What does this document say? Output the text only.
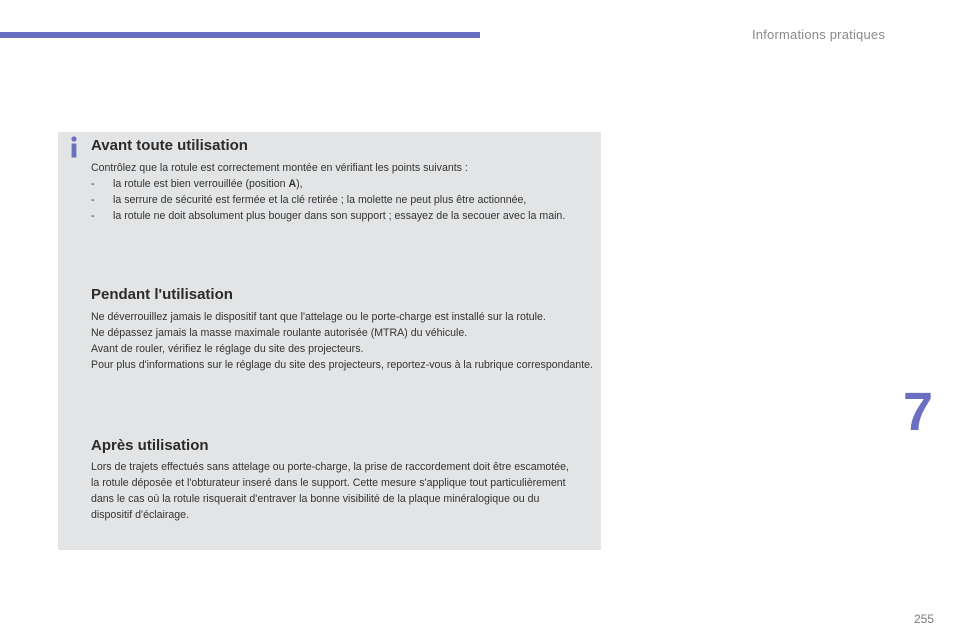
Informations pratiques
Avant toute utilisation
Contrôlez que la rotule est correctement montée en vérifiant les points suivants :
- la rotule est bien verrouillée (position A),
- la serrure de sécurité est fermée et la clé retirée ; la molette ne peut plus être actionnée,
- la rotule ne doit absolument plus bouger dans son support ; essayez de la secouer avec la main.
Pendant l'utilisation
Ne déverrouillez jamais le dispositif tant que l'attelage ou le porte-charge est installé sur la rotule.
Ne dépassez jamais la masse maximale roulante autorisée (MTRA) du véhicule.
Avant de rouler, vérifiez le réglage du site des projecteurs.
Pour plus d'informations sur le réglage du site des projecteurs, reportez-vous à la rubrique correspondante.
Après utilisation
Lors de trajets effectués sans attelage ou porte-charge, la prise de raccordement doit être escamotée, la rotule déposée et l'obturateur inseré dans le support. Cette mesure s'applique tout particulièrement dans le cas où la rotule risquerait d'entraver la bonne visibilité de la plaque minéralogique ou du dispositif d'éclairage.
7
255
